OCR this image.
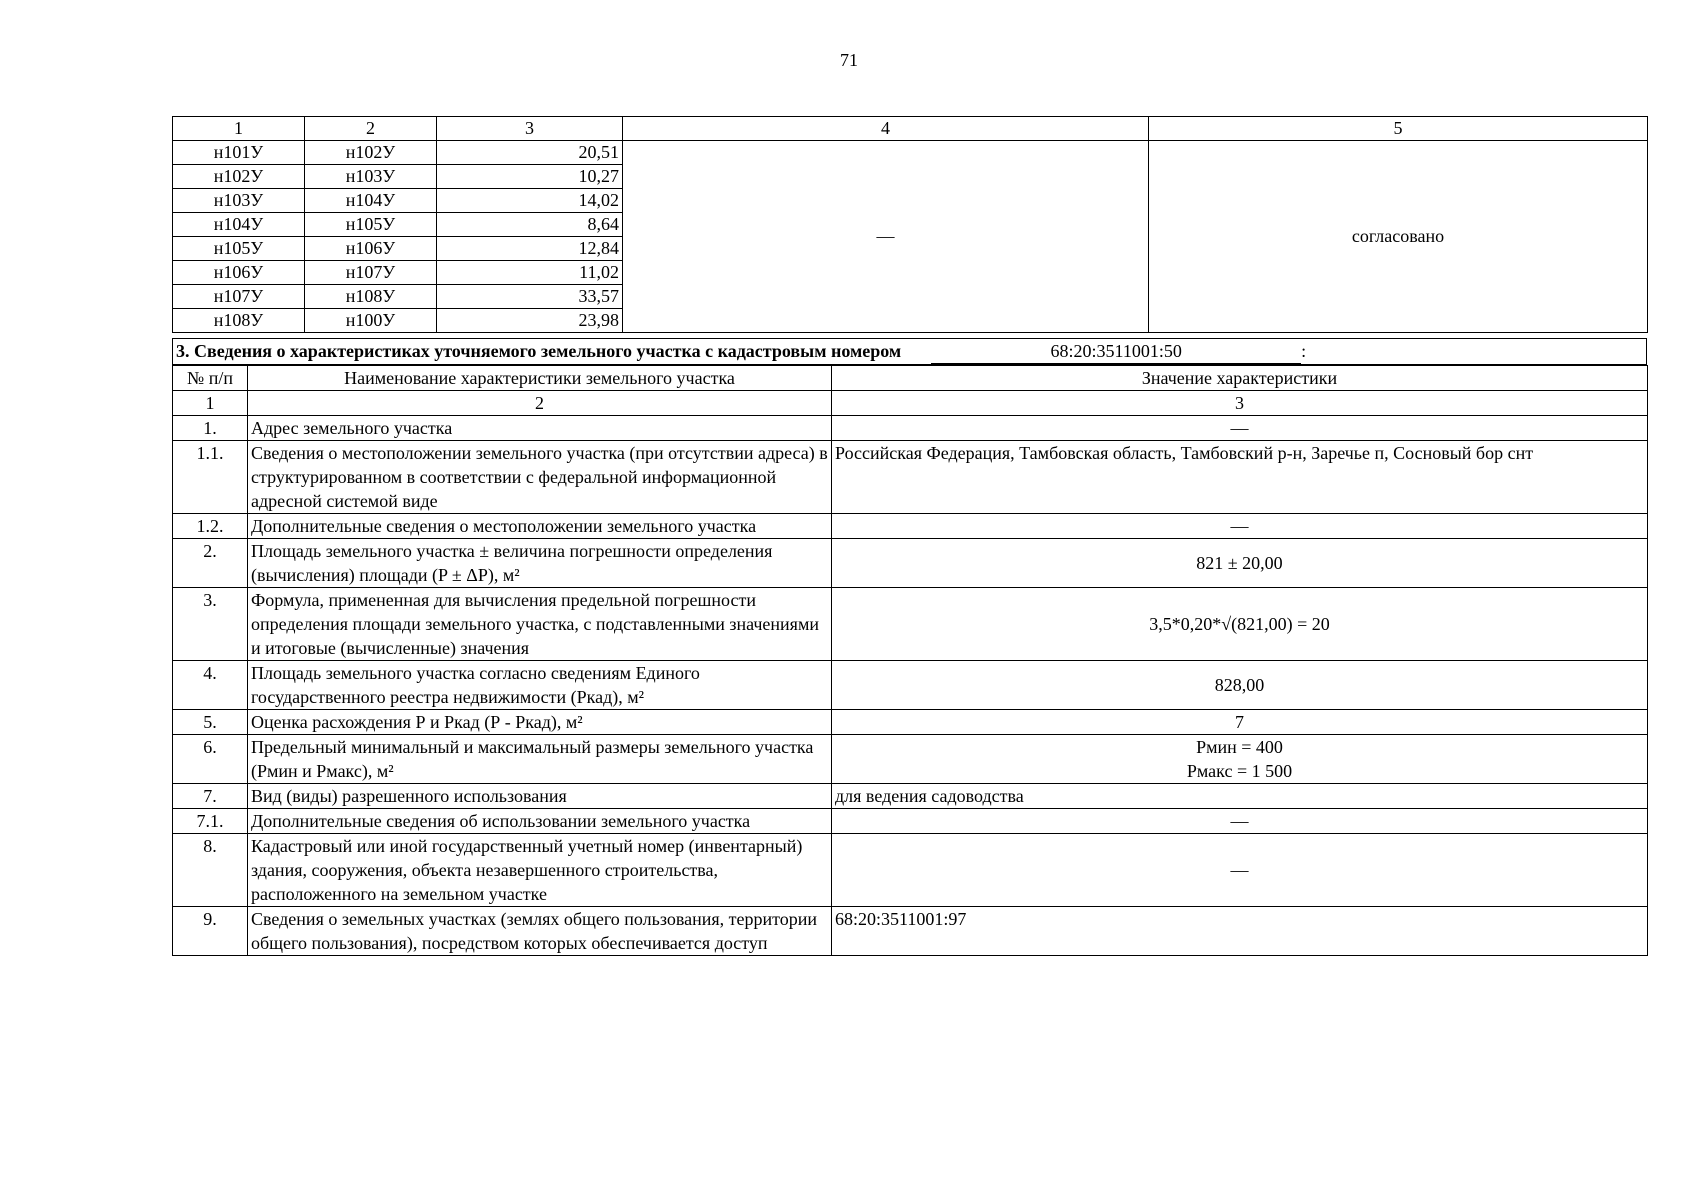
71
1	2	3	4	5
н101У	н102У	20,51	—	согласовано
н102У	н103У	10,27		
н103У	н104У	14,02		
н104У	н105У	8,64		
н105У	н106У	12,84		
н106У	н107У	11,02		
н107У	н108У	33,57		
н108У	н100У	23,98		
3. Сведения о характеристиках уточняемого земельного участка с кадастровым номером	68:20:3511001:50	:
№ п/п	Наименование характеристики земельного участка	Значение характеристики
1	2	3
1.	Адрес земельного участка	—
1.1.	Сведения о местоположении земельного участка (при отсутствии адреса) в структурированном в соответствии с федеральной информационной адресной системой виде	Российская Федерация, Тамбовская область, Тамбовский р-н, Заречье п, Сосновый бор снт
1.2.	Дополнительные сведения о местоположении земельного участка	—
2.	Площадь земельного участка ± величина погрешности определения (вычисления) площади (P ± ΔP), м²	821 ± 20,00
3.	Формула, примененная для вычисления предельной погрешности определения площади земельного участка, с подставленными значениями и итоговые (вычисленные) значения	3,5*0,20*√(821,00) = 20
4.	Площадь земельного участка согласно сведениям Единого государственного реестра недвижимости (Ркад), м²	828,00
5.	Оценка расхождения Р и Ркад (Р - Ркад), м²	7
6.	Предельный минимальный и максимальный размеры земельного участка (Рмин и Рмакс), м²	Рмин = 400
Рмакс = 1 500

7.	Вид (виды) разрешенного использования	для ведения садоводства
7.1.	Дополнительные сведения об использовании земельного участка	—
8.	Кадастровый или иной государственный учетный номер (инвентарный) здания, сооружения, объекта незавершенного строительства, расположенного на земельном участке	—
9.	Сведения о земельных участках (землях общего пользования, территории общего пользования), посредством которых обеспечивается доступ	68:20:3511001:97
